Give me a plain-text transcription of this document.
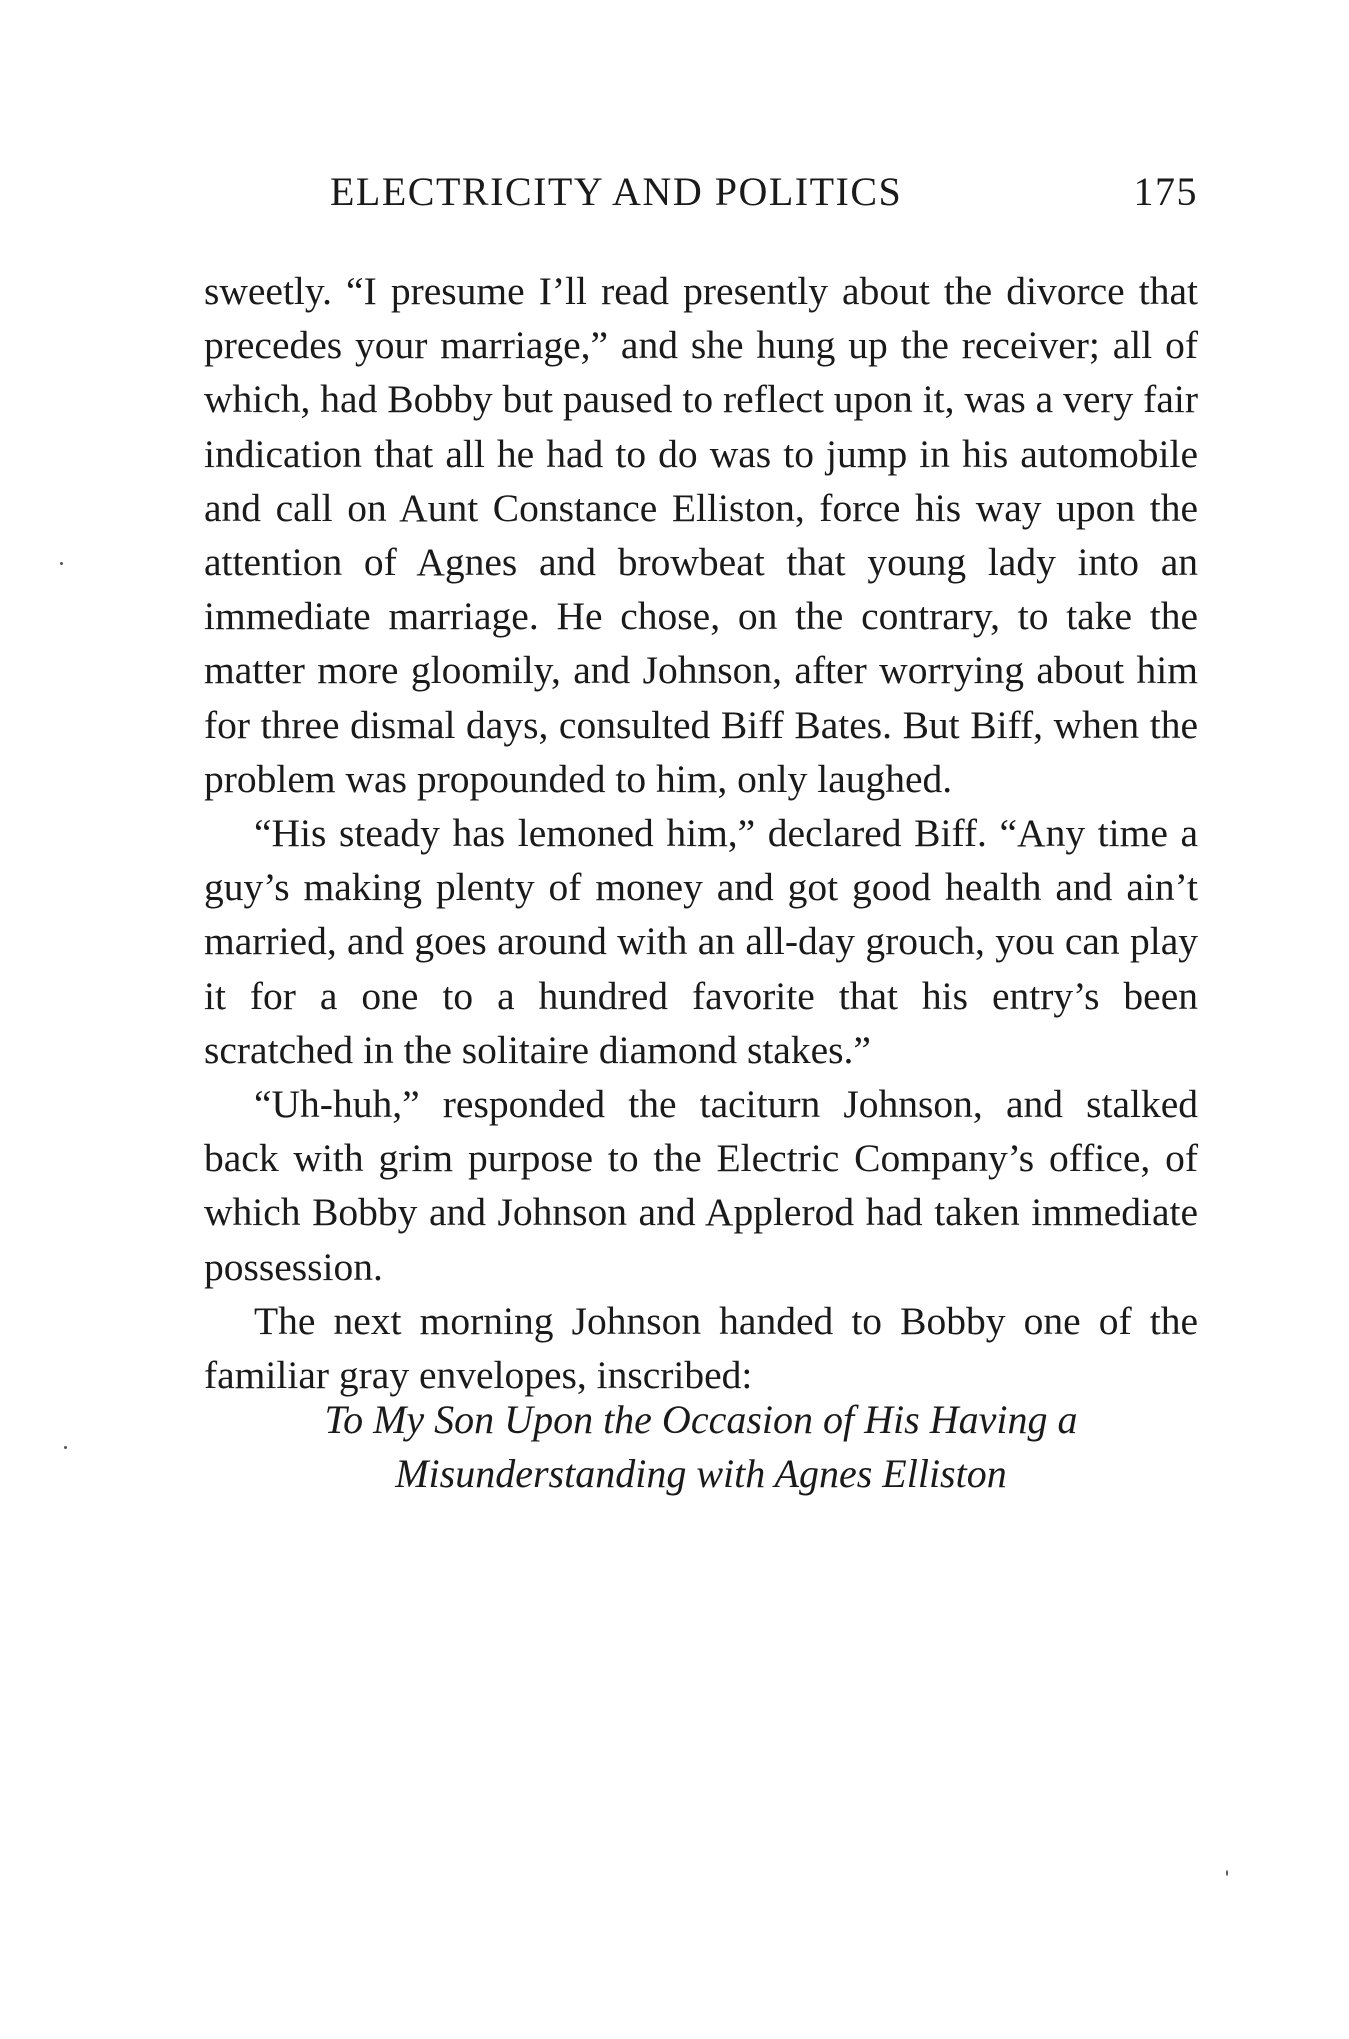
ELECTRICITY AND POLITICS	175

sweetly. “I presume I’ll read presently about the divorce that precedes your marriage,” and she hung up the receiver; all of which, had Bobby but paused to reflect upon it, was a very fair indication that all he had to do was to jump in his automobile and call on Aunt Constance Elliston, force his way upon the attention of Agnes and browbeat that young lady into an immediate marriage. He chose, on the contrary, to take the matter more gloomily, and Johnson, after worrying about him for three dismal days, consulted Biff Bates. But Biff, when the problem was propounded to him, only laughed.

“His steady has lemoned him,” declared Biff. “Any time a guy’s making plenty of money and got good health and ain’t married, and goes around with an all-day grouch, you can play it for a one to a hundred favorite that his entry’s been scratched in the solitaire diamond stakes.”

“Uh-huh,” responded the taciturn Johnson, and stalked back with grim purpose to the Electric Company’s office, of which Bobby and Johnson and Applerod had taken immediate possession.

The next morning Johnson handed to Bobby one of the familiar gray envelopes, inscribed:

To My Son Upon the Occasion of His Having a
Misunderstanding with Agnes Elliston
